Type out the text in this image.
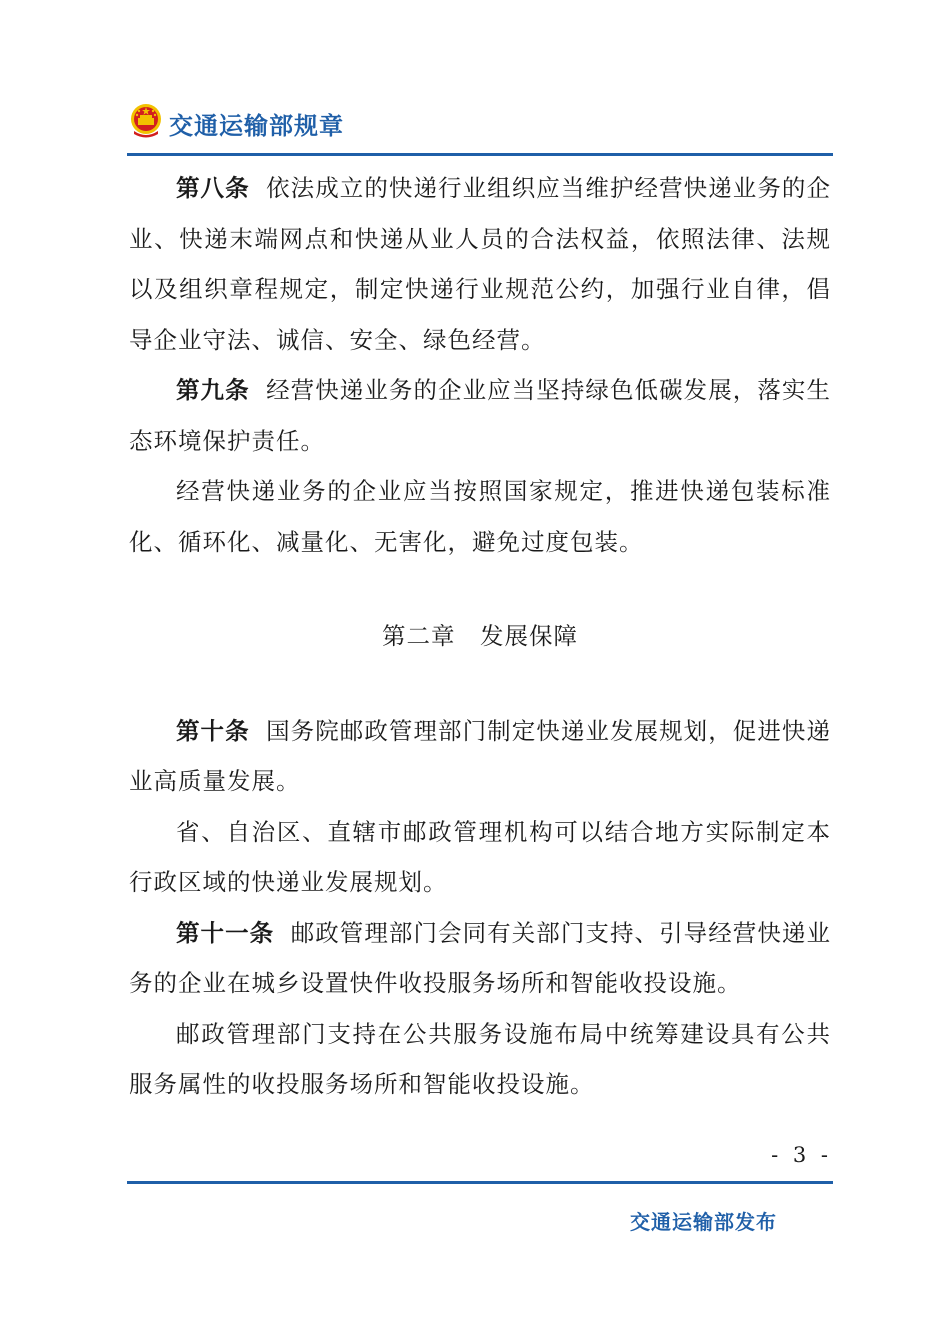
交通运输部规章

第八条 依法成立的快递行业组织应当维护经营快递业务的企业、快递末端网点和快递从业人员的合法权益，依照法律、法规以及组织章程规定，制定快递行业规范公约，加强行业自律，倡导企业守法、诚信、安全、绿色经营。

第九条 经营快递业务的企业应当坚持绿色低碳发展，落实生态环境保护责任。

经营快递业务的企业应当按照国家规定，推进快递包装标准化、循环化、减量化、无害化，避免过度包装。

第二章　发展保障

第十条 国务院邮政管理部门制定快递业发展规划，促进快递业高质量发展。

省、自治区、直辖市邮政管理机构可以结合地方实际制定本行政区域的快递业发展规划。

第十一条 邮政管理部门会同有关部门支持、引导经营快递业务的企业在城乡设置快件收投服务场所和智能收投设施。

邮政管理部门支持在公共服务设施布局中统筹建设具有公共服务属性的收投服务场所和智能收投设施。

- 3 -
交通运输部发布
